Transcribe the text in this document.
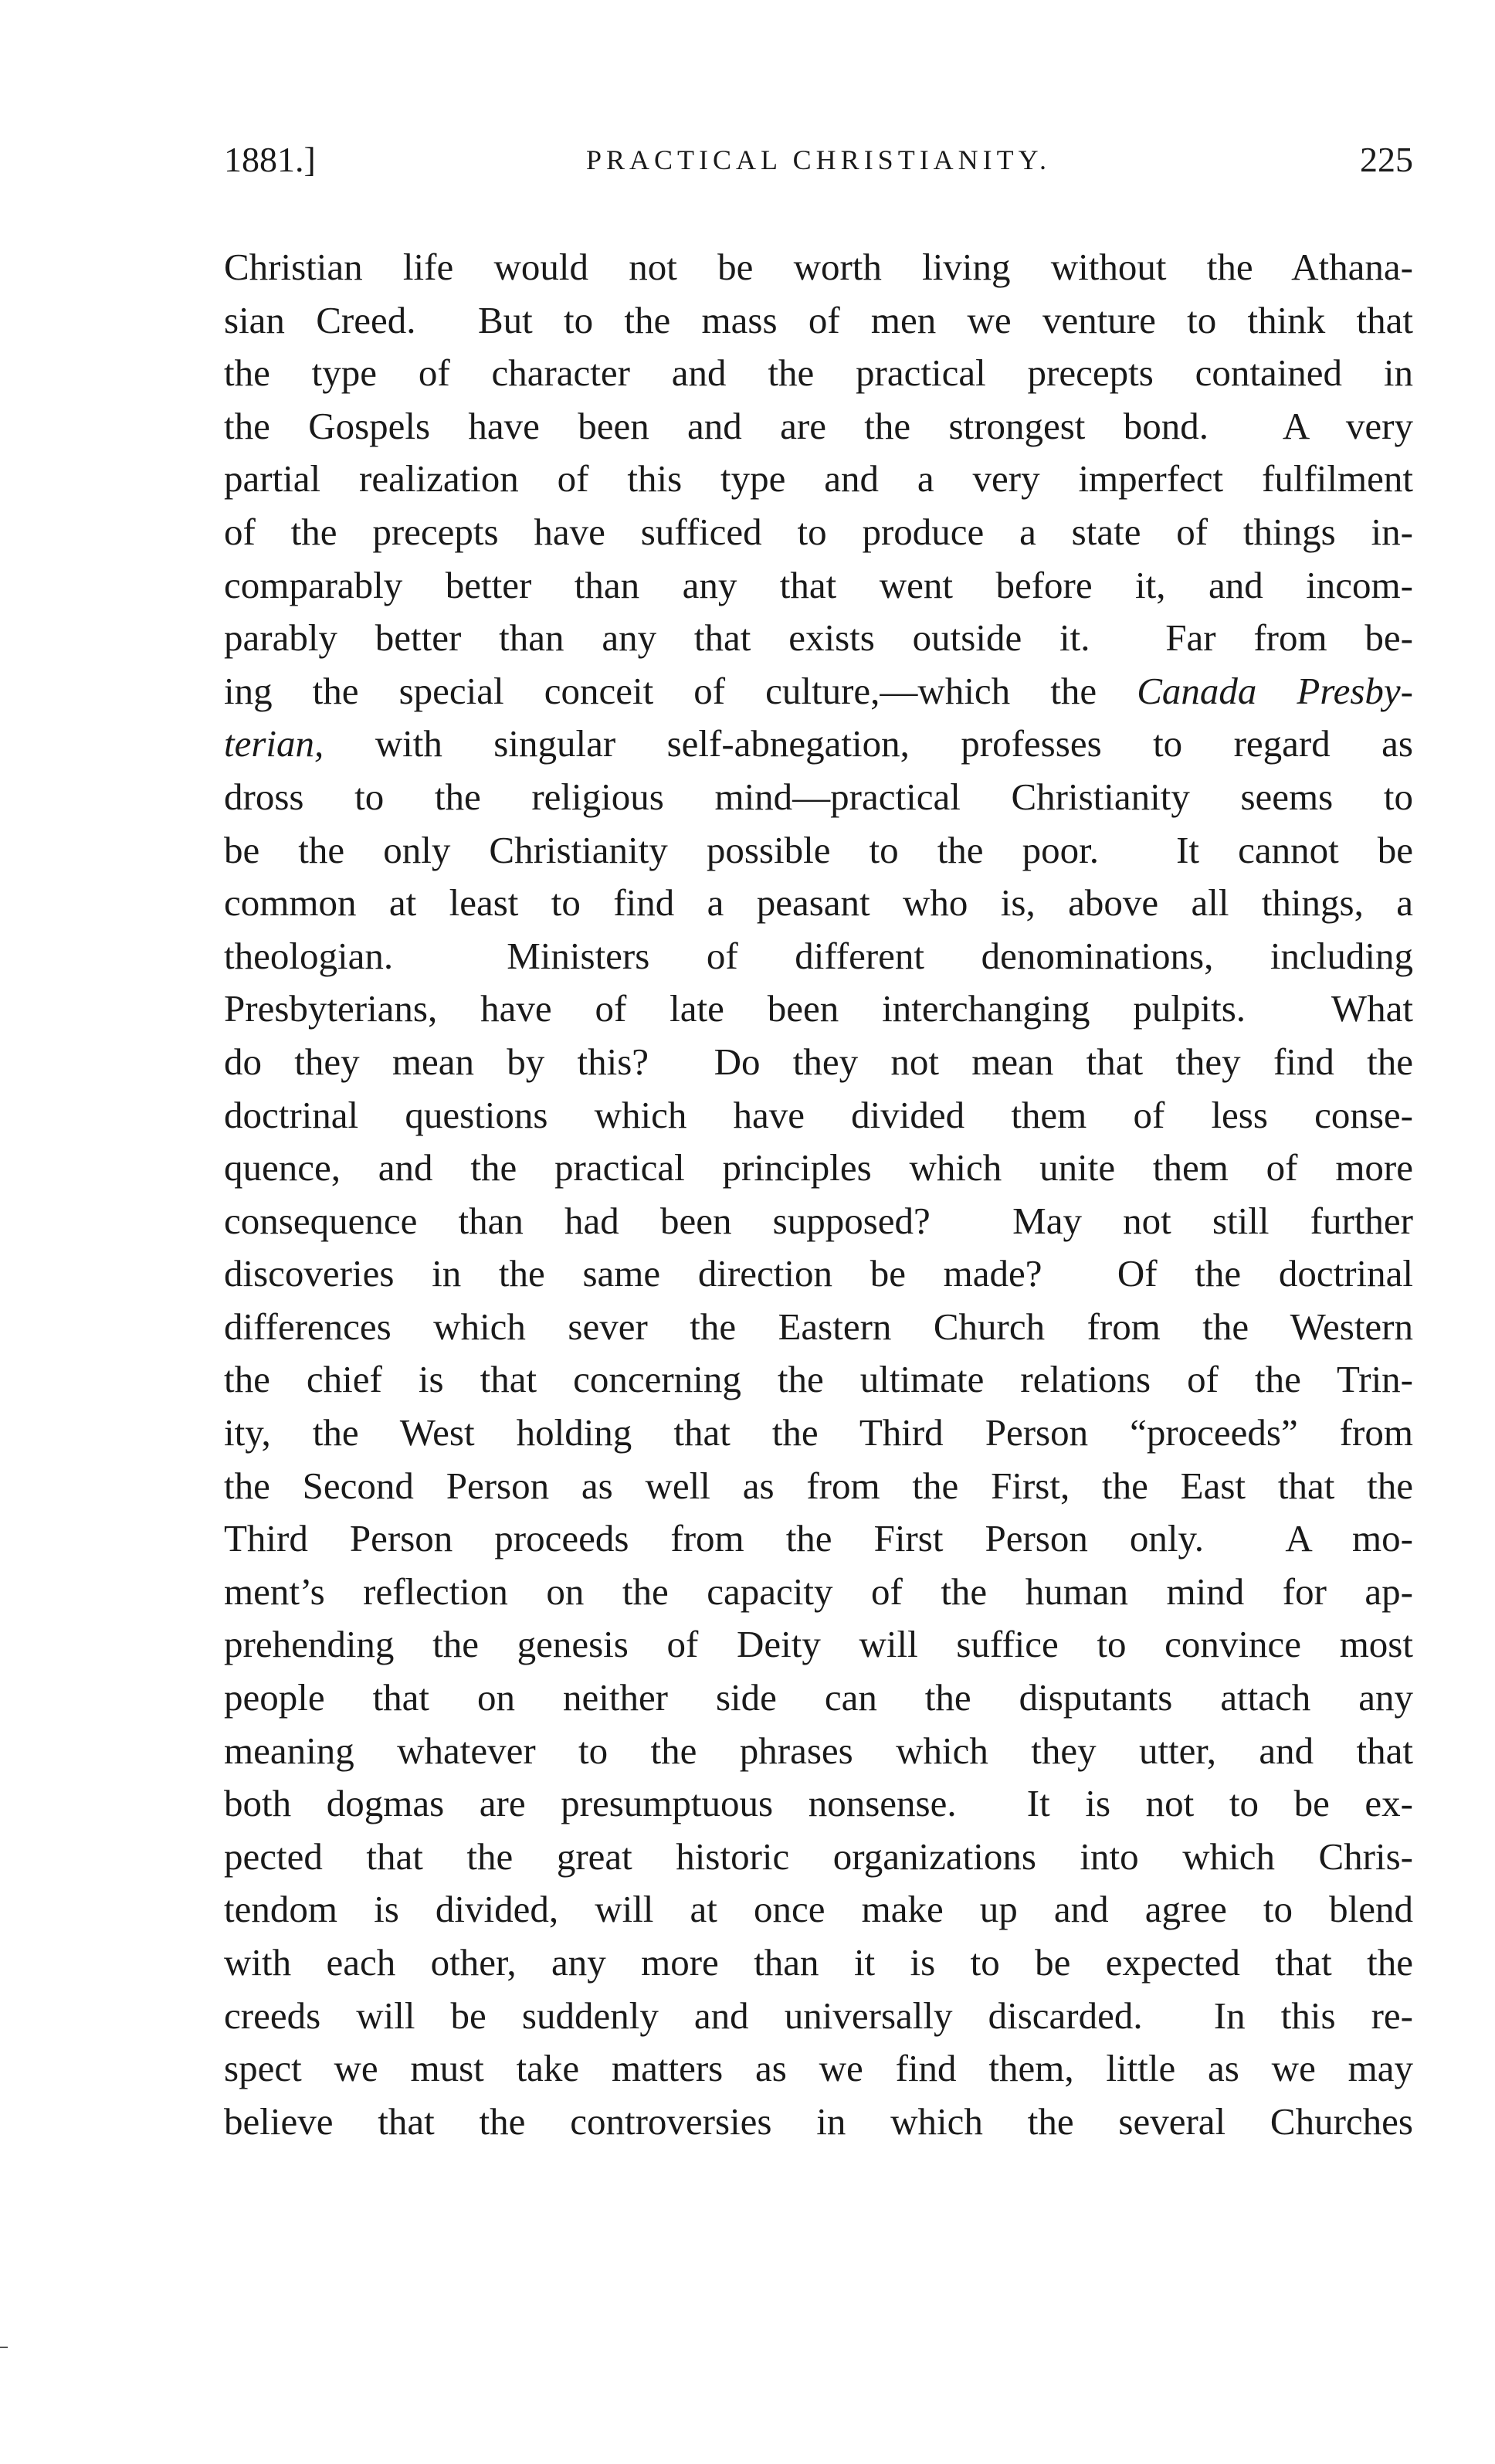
1881.]	PRACTICAL CHRISTIANITY.	225
Christian life would not be worth living without the Athana-
sian Creed.  But to the mass of men we venture to think that
the type of character and the practical precepts contained in
the Gospels have been and are the strongest bond.  A very
partial realization of this type and a very imperfect fulfilment
of the precepts have sufficed to produce a state of things in-
comparably better than any that went before it, and incom-
parably better than any that exists outside it.  Far from be-
ing the special conceit of culture,—which the Canada Presby-
terian, with singular self-abnegation, professes to regard as
dross to the religious mind—practical Christianity seems to
be the only Christianity possible to the poor.  It cannot be
common at least to find a peasant who is, above all things, a
theologian.  Ministers of different denominations, including
Presbyterians, have of late been interchanging pulpits.  What
do they mean by this?  Do they not mean that they find the
doctrinal questions which have divided them of less conse-
quence, and the practical principles which unite them of more
consequence than had been supposed?  May not still further
discoveries in the same direction be made?  Of the doctrinal
differences which sever the Eastern Church from the Western
the chief is that concerning the ultimate relations of the Trin-
ity, the West holding that the Third Person “proceeds” from
the Second Person as well as from the First, the East that the
Third Person proceeds from the First Person only.  A mo-
ment’s reflection on the capacity of the human mind for ap-
prehending the genesis of Deity will suffice to convince most
people that on neither side can the disputants attach any
meaning whatever to the phrases which they utter, and that
both dogmas are presumptuous nonsense.  It is not to be ex-
pected that the great historic organizations into which Chris-
tendom is divided, will at once make up and agree to blend
with each other, any more than it is to be expected that the
creeds will be suddenly and universally discarded.  In this re-
spect we must take matters as we find them, little as we may
believe that the controversies in which the several Churches
